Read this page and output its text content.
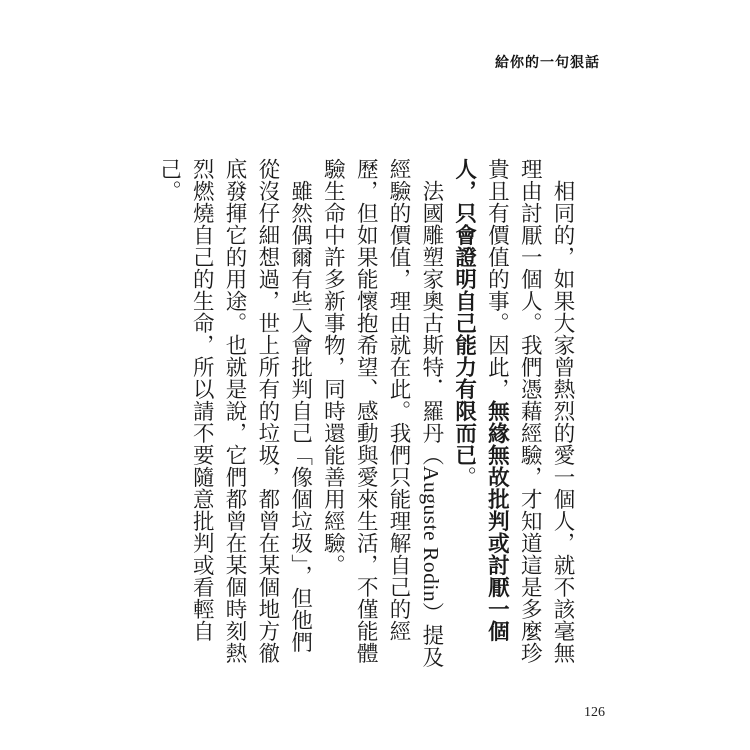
給你的一句狠話

相同的，如果大家曾熱烈的愛一個人，就不該毫無理由討厭一個人。我們憑藉經驗，才知道這是多麼珍貴且有價值的事。因此，無緣無故批判或討厭一個人，只會證明自己能力有限而已。

法國雕塑家奧古斯特．羅丹（Auguste Rodin）提及經驗的價值，理由就在此。我們只能理解自己的經歷，但如果能懷抱希望、感動與愛來生活，不僅能體驗生命中許多新事物，同時還能善用經驗。

雖然偶爾有些人會批判自己「像個垃圾」，但他們從沒仔細想過，世上所有的垃圾，都曾在某個地方徹底發揮它的用途。也就是說，它們都曾在某個時刻熱烈燃燒自己的生命，所以請不要隨意批判或看輕自己。

126
